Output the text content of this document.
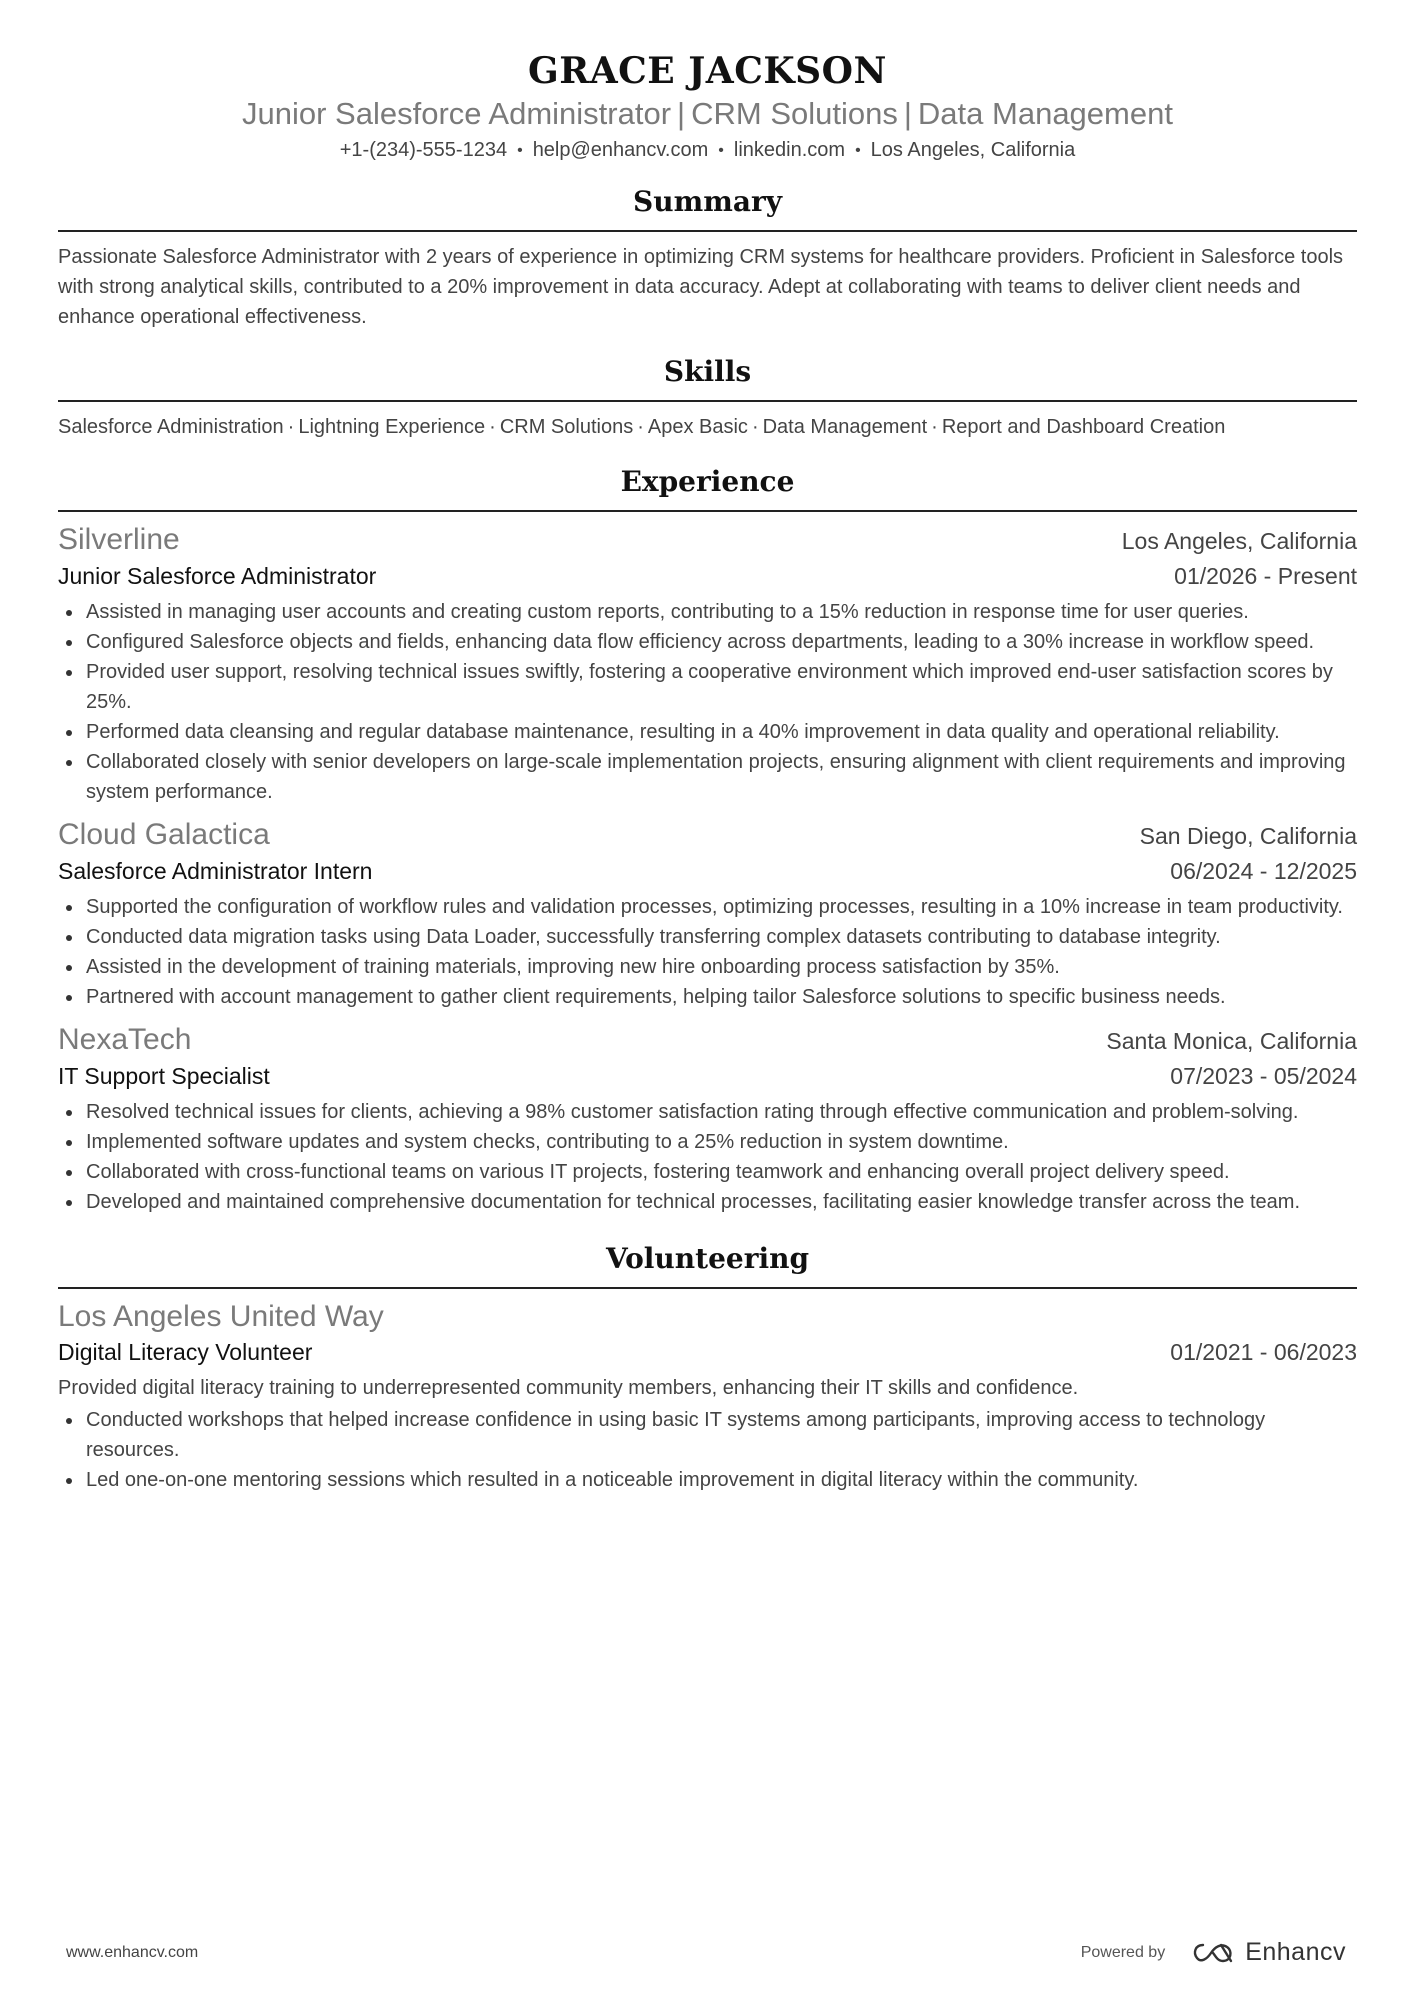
GRACE JACKSON
Junior Salesforce Administrator | CRM Solutions | Data Management
+1-(234)-555-1234 • help@enhancv.com • linkedin.com • Los Angeles, California
Summary

Passionate Salesforce Administrator with 2 years of experience in optimizing CRM systems for healthcare providers. Proficient in Salesforce tools with strong analytical skills, contributed to a 20% improvement in data accuracy. Adept at collaborating with teams to deliver client needs and enhance operational effectiveness.

Skills
Salesforce Administration · Lightning Experience · CRM Solutions · Apex Basic · Data Management · Report and Dashboard Creation
Experience
Silverline	Los Angeles, California
Junior Salesforce Administrator	01/2026 - Present
Assisted in managing user accounts and creating custom reports, contributing to a 15% reduction in response time for user queries.
Configured Salesforce objects and fields, enhancing data flow efficiency across departments, leading to a 30% increase in workflow speed.
Provided user support, resolving technical issues swiftly, fostering a cooperative environment which improved end-user satisfaction scores by 25%.
Performed data cleansing and regular database maintenance, resulting in a 40% improvement in data quality and operational reliability.
Collaborated closely with senior developers on large-scale implementation projects, ensuring alignment with client requirements and improving system performance.
Cloud Galactica	San Diego, California
Salesforce Administrator Intern	06/2024 - 12/2025
Supported the configuration of workflow rules and validation processes, optimizing processes, resulting in a 10% increase in team productivity.
Conducted data migration tasks using Data Loader, successfully transferring complex datasets contributing to database integrity.
Assisted in the development of training materials, improving new hire onboarding process satisfaction by 35%.
Partnered with account management to gather client requirements, helping tailor Salesforce solutions to specific business needs.
NexaTech	Santa Monica, California
IT Support Specialist	07/2023 - 05/2024
Resolved technical issues for clients, achieving a 98% customer satisfaction rating through effective communication and problem-solving.
Implemented software updates and system checks, contributing to a 25% reduction in system downtime.
Collaborated with cross-functional teams on various IT projects, fostering teamwork and enhancing overall project delivery speed.
Developed and maintained comprehensive documentation for technical processes, facilitating easier knowledge transfer across the team.
Volunteering
Los Angeles United Way
Digital Literacy Volunteer	01/2021 - 06/2023

Provided digital literacy training to underrepresented community members, enhancing their IT skills and confidence.

Conducted workshops that helped increase confidence in using basic IT systems among participants, improving access to technology resources.
Led one-on-one mentoring sessions which resulted in a noticeable improvement in digital literacy within the community.
www.enhancv.com	Powered by	Enhancv
